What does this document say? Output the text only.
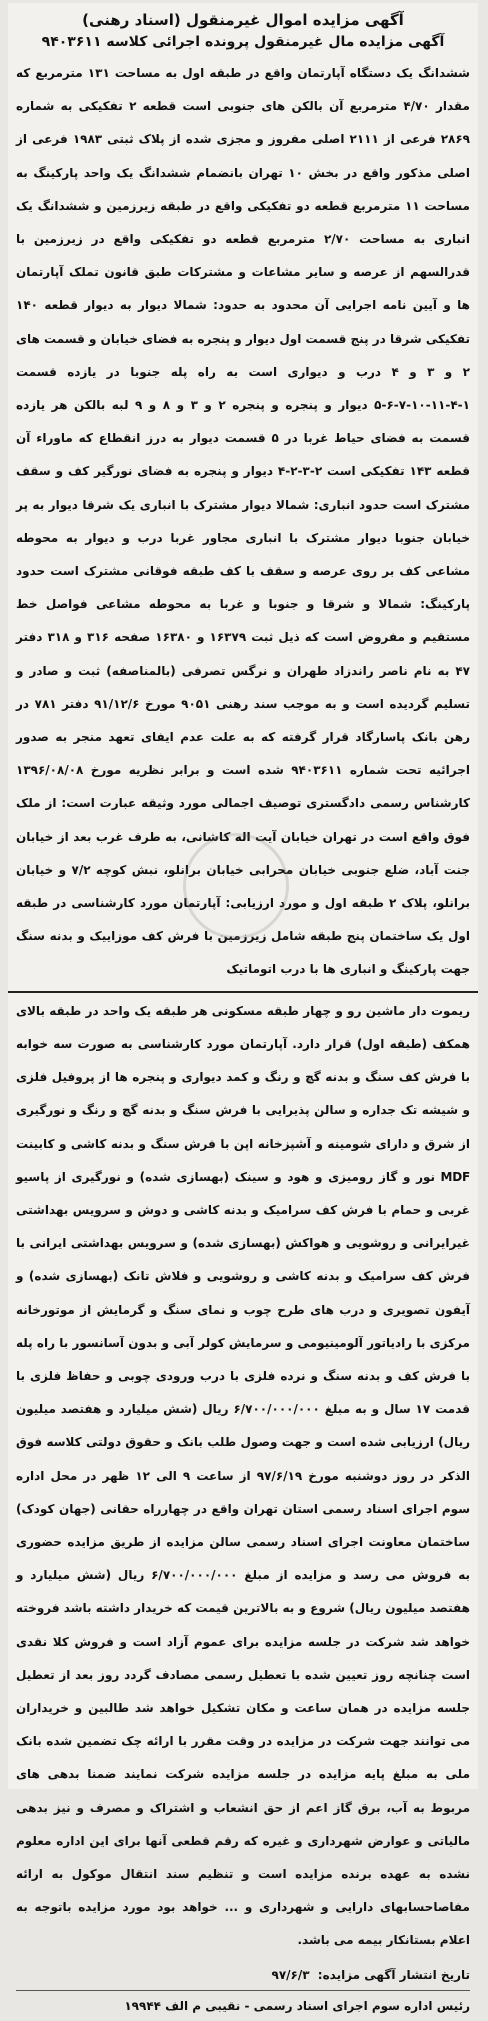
آگهی مزایده اموال غیرمنقول (اسناد رهنی)

آگهی مزایده مال غیرمنقول پرونده اجرائی کلاسه ۹۴۰۳۶۱۱

ششدانگ یک دستگاه آپارتمان واقع در طبقه اول به مساحت ۱۳۱ مترمربع که مقدار ۴/۷۰ مترمربع آن بالکن های جنوبی است قطعه ۲ تفکیکی به شماره ۲۸۶۹ فرعی از ۲۱۱۱ اصلی مفروز و مجزی شده از پلاک ثبتی ۱۹۸۳ فرعی از اصلی مذکور واقع در بخش ۱۰ تهران بانضمام ششدانگ یک واحد پارکینگ به مساحت ۱۱ مترمربع قطعه دو تفکیکی واقع در طبقه زیرزمین و ششدانگ یک انباری به مساحت ۲/۷۰ مترمربع قطعه دو تفکیکی واقع در زیرزمین با قدرالسهم از عرصه و سایر مشاعات و مشترکات طبق قانون تملک آپارتمان ها و آیین نامه اجرایی آن محدود به حدود: شمالا دیوار به دیوار قطعه ۱۴۰ تفکیکی شرقا در پنج قسمت اول دیوار و پنجره به فضای خیابان و قسمت های ۲ و ۳ و ۴ درب و دیواری است به راه پله جنوبا در یازده قسمت ۱-۴-۱۱-۱۰-۷-۶-۵ دیوار و پنجره و پنجره ۲ و ۳ و ۸ و ۹ لبه بالکن هر یازده قسمت به فضای حیاط غربا در ۵ قسمت دیوار به درز انقطاع که ماوراء آن قطعه ۱۴۳ تفکیکی است ۲-۳-۲-۴ دیوار و پنجره به فضای نورگیر کف و سقف مشترک است حدود انباری: شمالا دیوار مشترک با انباری یک شرقا دیوار به پر خیابان جنوبا دیوار مشترک با انباری مجاور غربا درب و دیوار به محوطه مشاعی کف بر روی عرصه و سقف با کف طبقه فوقانی مشترک است حدود پارکینگ: شمالا و شرقا و جنوبا و غربا به محوطه مشاعی فواصل خط مستقیم و مفروض است که ذیل ثبت ۱۶۳۷۹ و ۱۶۳۸۰ صفحه ۳۱۶ و ۳۱۸ دفتر ۴۷ به نام ناصر راندزاد طهران و نرگس تصرفی (بالمناصفه) ثبت و صادر و تسلیم گردیده است و به موجب سند رهنی ۹۰۵۱ مورخ ۹۱/۱۲/۶ دفتر ۷۸۱ در رهن بانک پاسارگاد قرار گرفته که به علت عدم ایفای تعهد منجر به صدور اجرائیه تحت شماره ۹۴۰۳۶۱۱ شده است و برابر نظریه مورخ ۱۳۹۶/۰۸/۰۸ کارشناس رسمی دادگستری توصیف اجمالی مورد وثیقه عبارت است: از ملک فوق واقع است در تهران خیابان آیت اله کاشانی، به طرف غرب بعد از خیابان جنت آباد، ضلع جنوبی خیابان محرابی خیابان برانلو، نبش کوچه ۷/۲ و خیابان برانلو، پلاک ۲ طبقه اول و مورد ارزیابی: آپارتمان مورد کارشناسی در طبقه اول یک ساختمان پنج طبقه شامل زیرزمین با فرش کف موزاییک و بدنه سنگ جهت پارکینگ و انباری ها با درب اتوماتیک

ریموت دار ماشین رو و چهار طبقه مسکونی هر طبقه یک واحد در طبقه بالای همکف (طبقه اول) قرار دارد. آپارتمان مورد کارشناسی به صورت سه خوابه با فرش کف سنگ و بدنه گچ و رنگ و کمد دیواری و پنجره ها از پروفیل فلزی و شیشه تک جداره و سالن پذیرایی با فرش سنگ و بدنه گچ و رنگ و نورگیری از شرق و دارای شومینه و آشپزخانه اپن با فرش سنگ و بدنه کاشی و کابینت MDF نور و گاز رومیزی و هود و سینک (بهسازی شده) و نورگیری از پاسیو غربی و حمام با فرش کف سرامیک و بدنه کاشی و دوش و سرویس بهداشتی غیرایرانی و روشویی و هواکش (بهسازی شده) و سرویس بهداشتی ایرانی با فرش کف سرامیک و بدنه کاشی و روشویی و فلاش تانک (بهسازی شده) و آیفون تصویری و درب های طرح چوب و نمای سنگ و گرمایش از موتورخانه مرکزی با رادیاتور آلومینیومی و سرمایش کولر آبی و بدون آسانسور با راه پله با فرش کف و بدنه سنگ و نرده فلزی با درب ورودی چوبی و حفاظ فلزی با قدمت ۱۷ سال و به مبلغ ۶/۷۰۰/۰۰۰/۰۰۰ ریال (شش میلیارد و هفتصد میلیون ریال) ارزیابی شده است و جهت وصول طلب بانک و حقوق دولتی کلاسه فوق الذکر در روز دوشنبه مورخ ۹۷/۶/۱۹ از ساعت ۹ الی ۱۲ ظهر در محل اداره سوم اجرای اسناد رسمی استان تهران واقع در چهارراه حقانی (جهان کودک) ساختمان معاونت اجرای اسناد رسمی سالن مزایده از طریق مزایده حضوری به فروش می رسد و مزایده از مبلغ ۶/۷۰۰/۰۰۰/۰۰۰ ریال (شش میلیارد و هفتصد میلیون ریال) شروع و به بالاترین قیمت که خریدار داشته باشد فروخته خواهد شد شرکت در جلسه مزایده برای عموم آزاد است و فروش کلا نقدی است چنانچه روز تعیین شده با تعطیل رسمی مصادف گردد روز بعد از تعطیل جلسه مزایده در همان ساعت و مکان تشکیل خواهد شد طالبین و خریداران می توانند جهت شرکت در مزایده در وقت مقرر با ارائه چک تضمین شده بانک ملی به مبلغ پایه مزایده در جلسه مزایده شرکت نمایند ضمنا بدهی های مربوط به آب، برق گاز اعم از حق انشعاب و اشتراک و مصرف و نیز بدهی مالیاتی و عوارض شهرداری و غیره که رقم قطعی آنها برای این اداره معلوم نشده به عهده برنده مزایده است و تنظیم سند انتقال موکول به ارائه مفاصاحسابهای دارایی و شهرداری و ... خواهد بود مورد مزایده باتوجه به اعلام بستانکار بیمه می باشد.

تاریخ انتشار آگهی مزایده: ۹۷/۶/۳
رئیس اداره سوم اجرای اسناد رسمی - نقیبی م الف ۱۹۹۴۴
